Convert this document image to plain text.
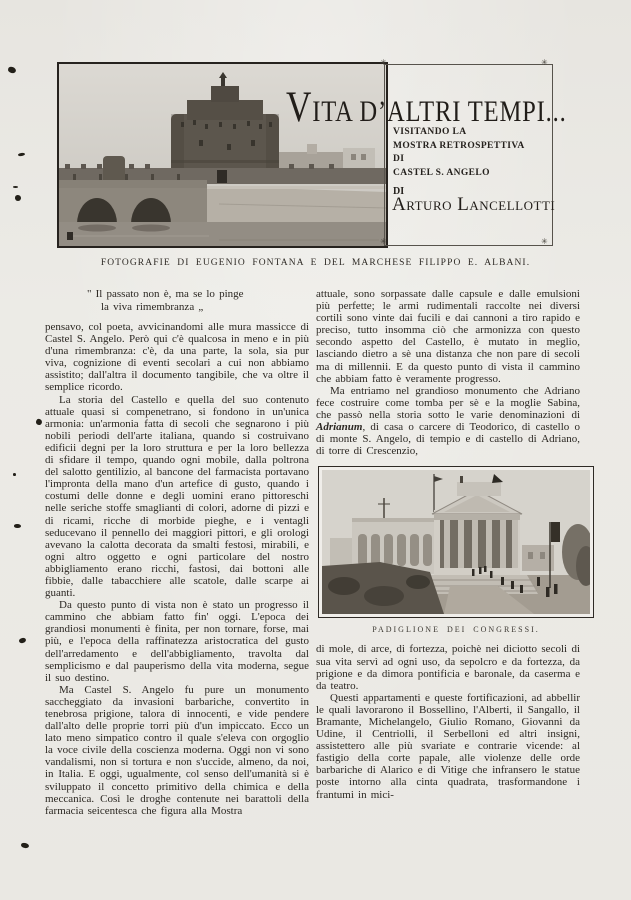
✳	✳
✳	✳
VITA D’ALTRI TEMPI...
VISITANDO LA
MOSTRA RETROSPETTIVA
DI
CASTEL S. ANGELO
DI
Arturo Lancellotti
FOTOGRAFIE DI EUGENIO FONTANA E DEL MARCHESE FILIPPO E. ALBANI.
" Il passato non è, ma se lo pinge
la viva rimembranza „

pensavo, col poeta, avvicinandomi alle mura massicce di Castel S. Angelo. Però qui c'è qualcosa in meno e in più d'una rimembranza: c'è, da una parte, la sola, sia pur viva, cognizione di eventi secolari a cui non abbiamo assistito; dall'altra il documento tangibile, che va oltre il semplice ricordo.

La storia del Castello e quella del suo contenuto attuale quasi si compenetrano, si fondono in un'unica armonia: un'armonia fatta di secoli che segnarono i più nobili periodi dell'arte italiana, quando si costruivano edificii degni per la loro struttura e per la loro bellezza di sfidare il tempo, quando ogni mobile, dalla poltrona del salotto gentilizio, al bancone del farmacista portavano l'impronta della mano d'un artefice di gusto, quando i costumi delle donne e degli uomini erano pittoreschi nelle seriche stoffe smaglianti di colori, adorne di pizzi e di ricami, ricche di morbide pieghe, e i ventagli seducevano il pennello dei maggiori pittori, e gli orologi avevano la calotta decorata da smalti festosi, mirabili, e ogni altro oggetto e ogni particolare del nostro abbigliamento erano ricchi, fastosi, dai bottoni alle fibbie, dalle tabacchiere alle scatole, dalle scarpe ai guanti.

Da questo punto di vista non è stato un progresso il cammino che abbiam fatto fin' oggi. L'epoca dei grandiosi monumenti è finita, per non tornare, forse, mai più, e l'epoca della raffinatezza aristocratica del gusto dell'arredamento e dell'abbigliamento, travolta dal semplicismo e dal pauperismo della vita moderna, segue il suo destino.

Ma Castel S. Angelo fu pure un monumento saccheggiato da invasioni barbariche, convertito in tenebrosa prigione, talora di innocenti, e vide pendere dall'alto delle proprie torri più d'un impiccato. Ecco un lato meno simpatico contro il quale s'eleva con orgoglio la voce civile della coscienza moderna. Oggi non vi sono vandalismi, non si tortura e non s'uccide, almeno, da noi, in Italia. E oggi, ugualmente, col senso dell'umanità si è sviluppato il concetto primitivo della chimica e della meccanica. Così le droghe contenute nei barattoli della farmacia seicentesca che figura alla Mostra

attuale, sono sorpassate dalle capsule e dalle emulsioni più perfette; le armi rudimentali raccolte nei diversi cortili sono vinte dai fucili e dai cannoni a tiro rapido e preciso, tutto insomma ciò che armonizza con questo secondo aspetto del Castello, è mutato in meglio, lasciando dietro a sè una distanza che non pare di secoli ma di millennii. E da questo punto di vista il cammino che abbiam fatto è veramente progresso.

Ma entriamo nel grandioso monumento che Adriano fece costruire come tomba per sè e la moglie Sabina, che passò nella storia sotto le varie denominazioni di Adrianum, di casa o carcere di Teodorico, di castello o di monte S. Angelo, di tempio e di castello di Adriano, di torre di Crescenzio,

PADIGLIONE DEI CONGRESSI.

di mole, di arce, di fortezza, poichè nei diciotto secoli di sua vita servì ad ogni uso, da sepolcro e da fortezza, da prigione e da dimora pontificia e baronale, da caserma e da teatro.

Questi appartamenti e queste fortificazioni, ad abbellir le quali lavorarono il Bossellino, l'Alberti, il Sangallo, il Bramante, Michelangelo, Giulio Romano, Giovanni da Udine, il Centriolli, il Serbelloni ed altri insigni, assistettero alle più svariate e contrarie vicende: al fastigio della corte papale, alle violenze delle orde barbariche di Alarico e di Vitige che infransero le statue poste intorno alla cinta quadrata, trasformandone i frantumi in mici-
